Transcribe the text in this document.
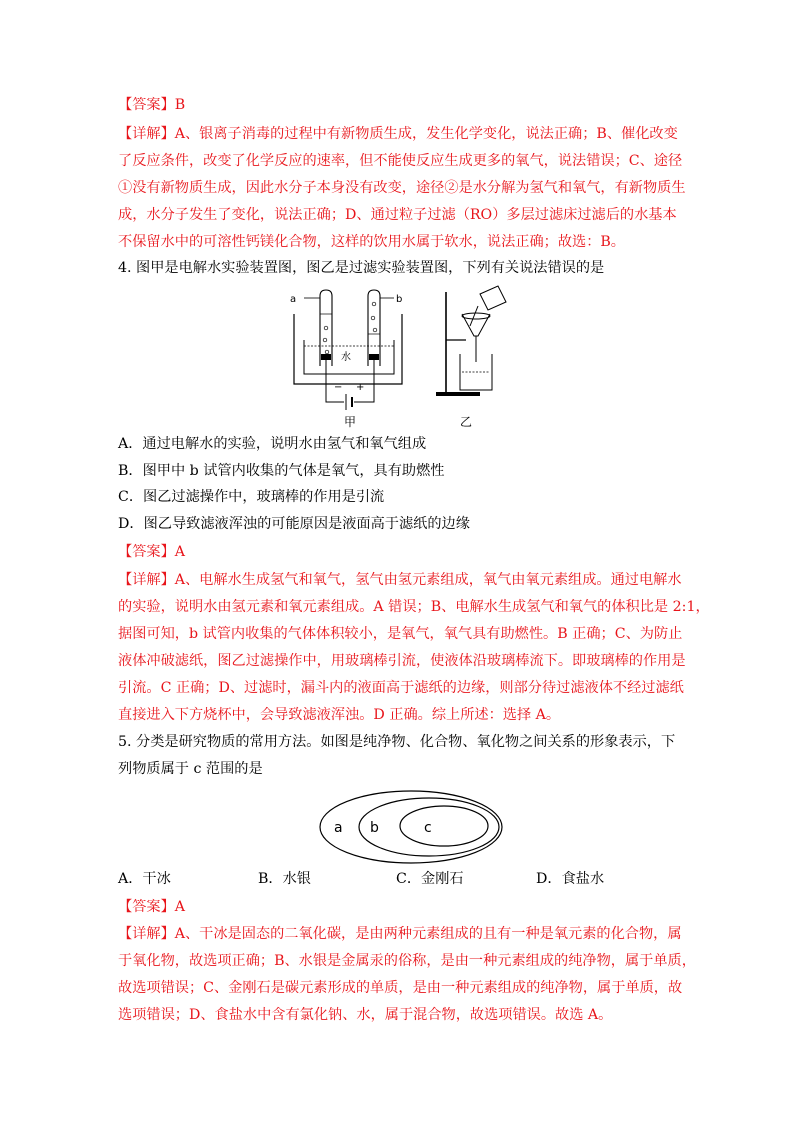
【答案】B
【详解】A、银离子消毒的过程中有新物质生成，发生化学变化，说法正确；B、催化改变
了反应条件，改变了化学反应的速率，但不能使反应生成更多的氧气，说法错误；C、途径
①没有新物质生成，因此水分子本身没有改变，途径②是水分解为氢气和氧气，有新物质生
成，水分子发生了变化，说法正确；D、通过粒子过滤（RO）多层过滤床过滤后的水基本
不保留水中的可溶性钙镁化合物，这样的饮用水属于软水，说法正确；故选：B。
4. 图甲是电解水实验装置图，图乙是过滤实验装置图，下列有关说法错误的是
a	b
水
− +
甲	乙
A．通过电解水的实验，说明水由氢气和氧气组成
B．图甲中 b 试管内收集的气体是氧气，具有助燃性
C．图乙过滤操作中，玻璃棒的作用是引流
D．图乙导致滤液浑浊的可能原因是液面高于滤纸的边缘
【答案】A
【详解】A、电解水生成氢气和氧气，氢气由氢元素组成，氧气由氧元素组成。通过电解水
的实验，说明水由氢元素和氧元素组成。A 错误；B、电解水生成氢气和氧气的体积比是 2:1，
据图可知，b 试管内收集的气体体积较小，是氧气，氧气具有助燃性。B 正确；C、为防止
液体冲破滤纸，图乙过滤操作中，用玻璃棒引流，使液体沿玻璃棒流下。即玻璃棒的作用是
引流。C 正确；D、过滤时，漏斗内的液面高于滤纸的边缘，则部分待过滤液体不经过滤纸
直接进入下方烧杯中，会导致滤液浑浊。D 正确。综上所述：选择 A。
5. 分类是研究物质的常用方法。如图是纯净物、化合物、氧化物之间关系的形象表示，下
列物质属于 c 范围的是
a b	c
A．干冰	B．水银	C．金刚石	D．食盐水
【答案】A
【详解】A、干冰是固态的二氧化碳，是由两种元素组成的且有一种是氧元素的化合物，属
于氧化物，故选项正确；B、水银是金属汞的俗称，是由一种元素组成的纯净物，属于单质，
故选项错误；C、金刚石是碳元素形成的单质，是由一种元素组成的纯净物，属于单质，故
选项错误；D、食盐水中含有氯化钠、水，属于混合物，故选项错误。故选 A。
